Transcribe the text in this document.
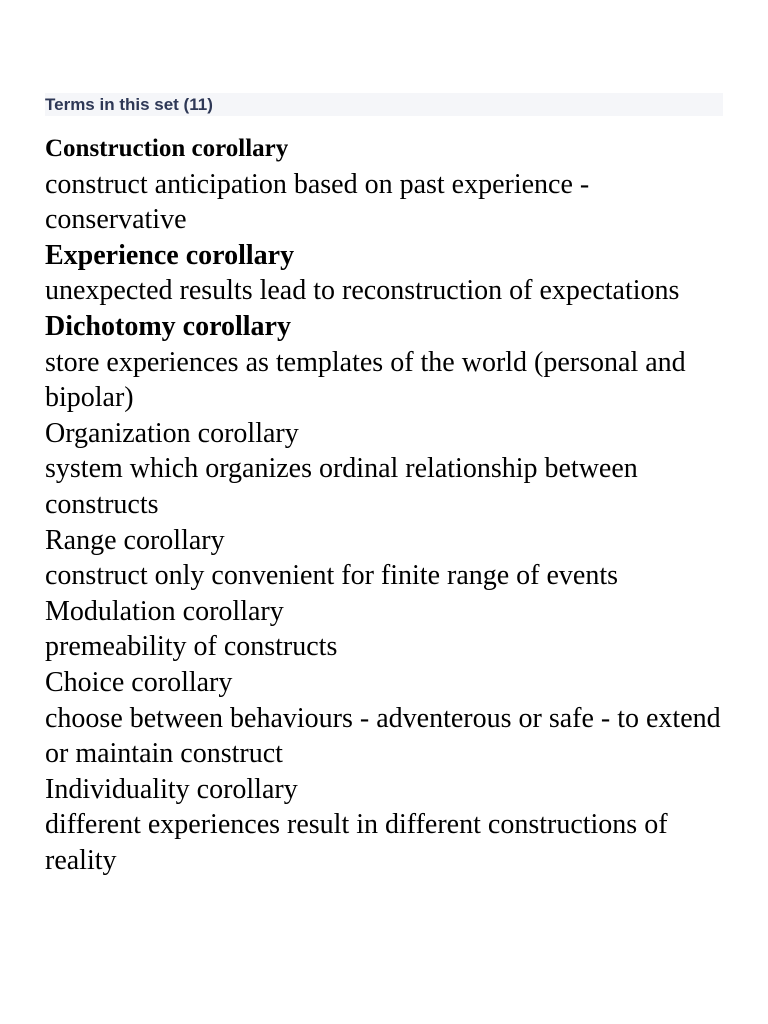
Terms in this set (11)
Construction corollary
construct anticipation based on past experience - conservative
Experience corollary
unexpected results lead to reconstruction of expectations
Dichotomy corollary
store experiences as templates of the world (personal and bipolar)
Organization corollary
system which organizes ordinal relationship between constructs
Range corollary
construct only convenient for finite range of events
Modulation corollary
premeability of constructs
Choice corollary
choose between behaviours - adventerous or safe - to extend or maintain construct
Individuality corollary
different experiences result in different constructions of reality
